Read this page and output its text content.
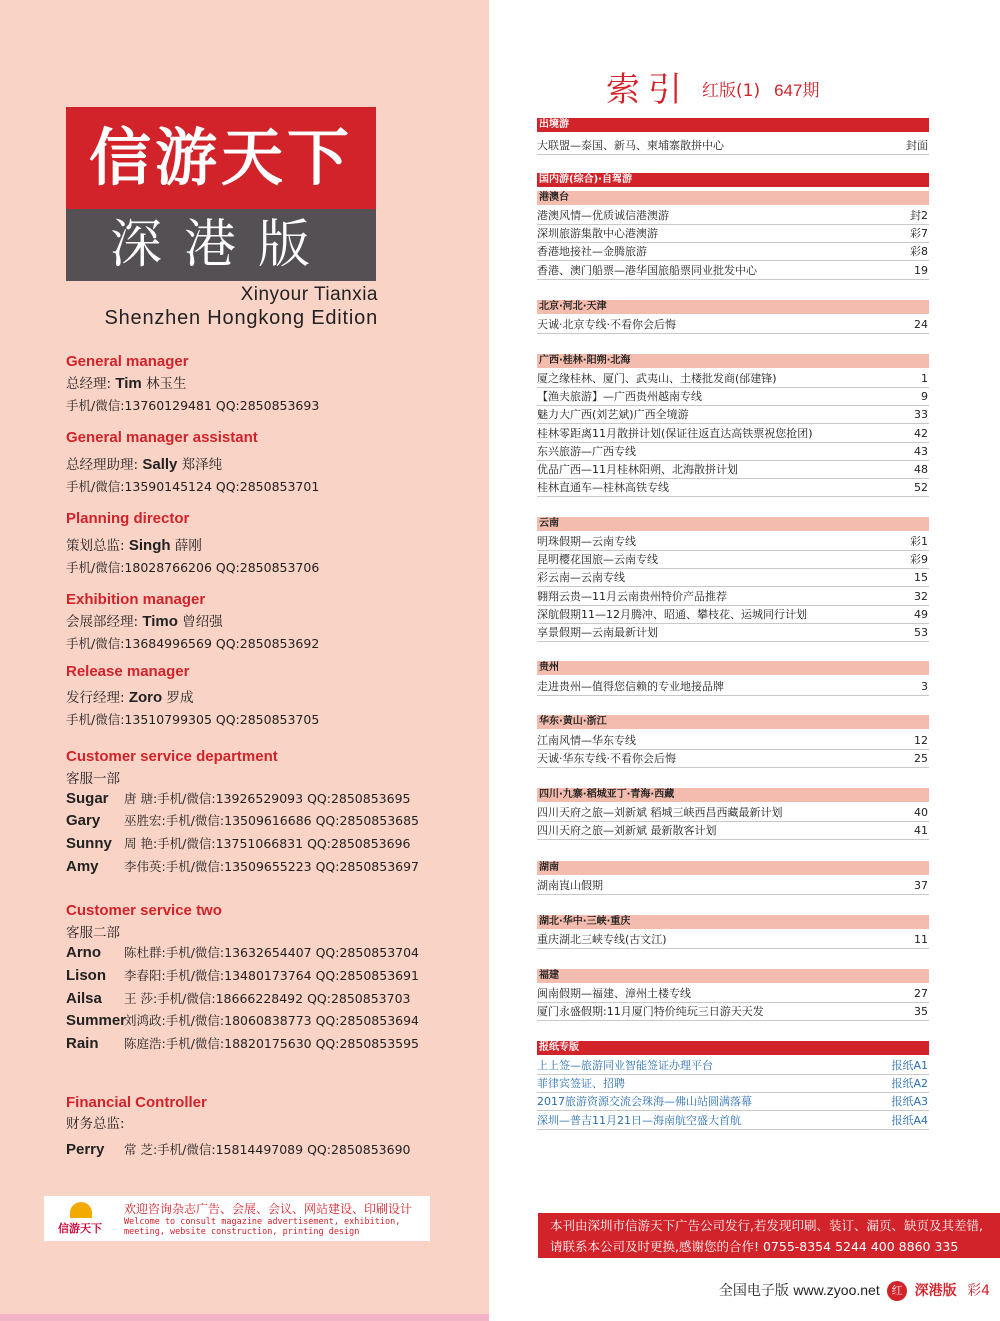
信游天下
深港版
Xinyour Tianxia
Shenzhen Hongkong Edition
General manager
总经理: Tim 林玉生
手机/微信:13760129481 QQ:2850853693
General manager assistant
总经理助理: Sally 郑泽纯
手机/微信:13590145124 QQ:2850853701
Planning director
策划总监: Singh 薛刚
手机/微信:18028766206 QQ:2850853706
Exhibition manager
会展部经理: Timo 曾绍强
手机/微信:13684996569 QQ:2850853692
Release manager
发行经理: Zoro 罗成
手机/微信:13510799305 QQ:2850853705
Customer service department
客服一部
Sugar 唐 瑭:手机/微信:13926529093 QQ:2850853695
Gary 巫胜宏:手机/微信:13509616686 QQ:2850853685
Sunny 周 艳:手机/微信:13751066831 QQ:2850853696
Amy 李伟英:手机/微信:13509655223 QQ:2850853697
Customer service two
客服二部
Arno 陈杜群:手机/微信:13632654407 QQ:2850853704
Lison 李春阳:手机/微信:13480173764 QQ:2850853691
Ailsa 王 莎:手机/微信:18666228492 QQ:2850853703
Summer刘鸿政:手机/微信:18060838773 QQ:2850853694
Rain 陈庭浩:手机/微信:18820175630 QQ:2850853595
Financial Controller
财务总监:
Perry 常 芝:手机/微信:15814497089 QQ:2850853690
信游天下
欢迎咨询杂志广告、会展、会议、网站建设、印刷设计
Welcome to consult magazine advertisement, exhibition, meeting, website construction, printing design
索引 红版(1) 647期
出境游
大联盟—泰国、新马、柬埔寨散拼中心	封面
国内游(综合)·自驾游
港澳台
港澳风情—优质诚信港澳游	封2
深圳旅游集散中心港澳游	彩7
香港地接社—金腾旅游	彩8
香港、澳门船票—港华国旅船票同业批发中心	19
北京·河北·天津
天诚·北京专线·不看你会后悔	24
广西·桂林·阳朔·北海
厦之缘桂林、厦门、武夷山、土楼批发商(邰建锋)	1
【渔夫旅游】—广西贵州越南专线	9
魅力大广西(刘艺斌)广西全境游	33
桂林零距离11月散拼计划(保证往返直达高铁票祝您抢团)	42
东兴旅游—广西专线	43
优品广西—11月桂林阳朔、北海散拼计划	48
桂林直通车—桂林高铁专线	52
云南
明珠假期—云南专线	彩1
昆明樱花国旅—云南专线	彩9
彩云南—云南专线	15
翱翔云贵—11月云南贵州特价产品推荐	32
深航假期11—12月腾冲、昭通、攀枝花、运城同行计划	49
享景假期—云南最新计划	53
贵州
走进贵州—值得您信赖的专业地接品牌	3
华东·黄山·浙江
江南风情—华东专线	12
天诚·华东专线·不看你会后悔	25
四川·九寨·稻城亚丁·青海·西藏
四川天府之旅—刘新斌 稻城三峡西昌西藏最新计划	40
四川天府之旅—刘新斌 最新散客计划	41
湖南
湖南崀山假期	37
湖北·华中·三峡·重庆
重庆湖北三峡专线(古文江)	11
福建
闽南假期—福建、漳州土楼专线	27
厦门永盛假期:11月厦门特价纯玩三日游天天发	35
报纸专版
上上签—旅游同业智能签证办理平台	报纸A1
菲律宾签证、招聘	报纸A2
2017旅游资源交流会珠海—佛山站圆满落幕	报纸A3
深圳—普吉11月21日—海南航空盛大首航	报纸A4
本刊由深圳市信游天下广告公司发行,若发现印刷、装订、漏页、缺页及其差错,
请联系本公司及时更换,感谢您的合作! 0755-8354 5244 400 8860 335
全国电子版 www.zyoo.net 红 深港版 彩4
